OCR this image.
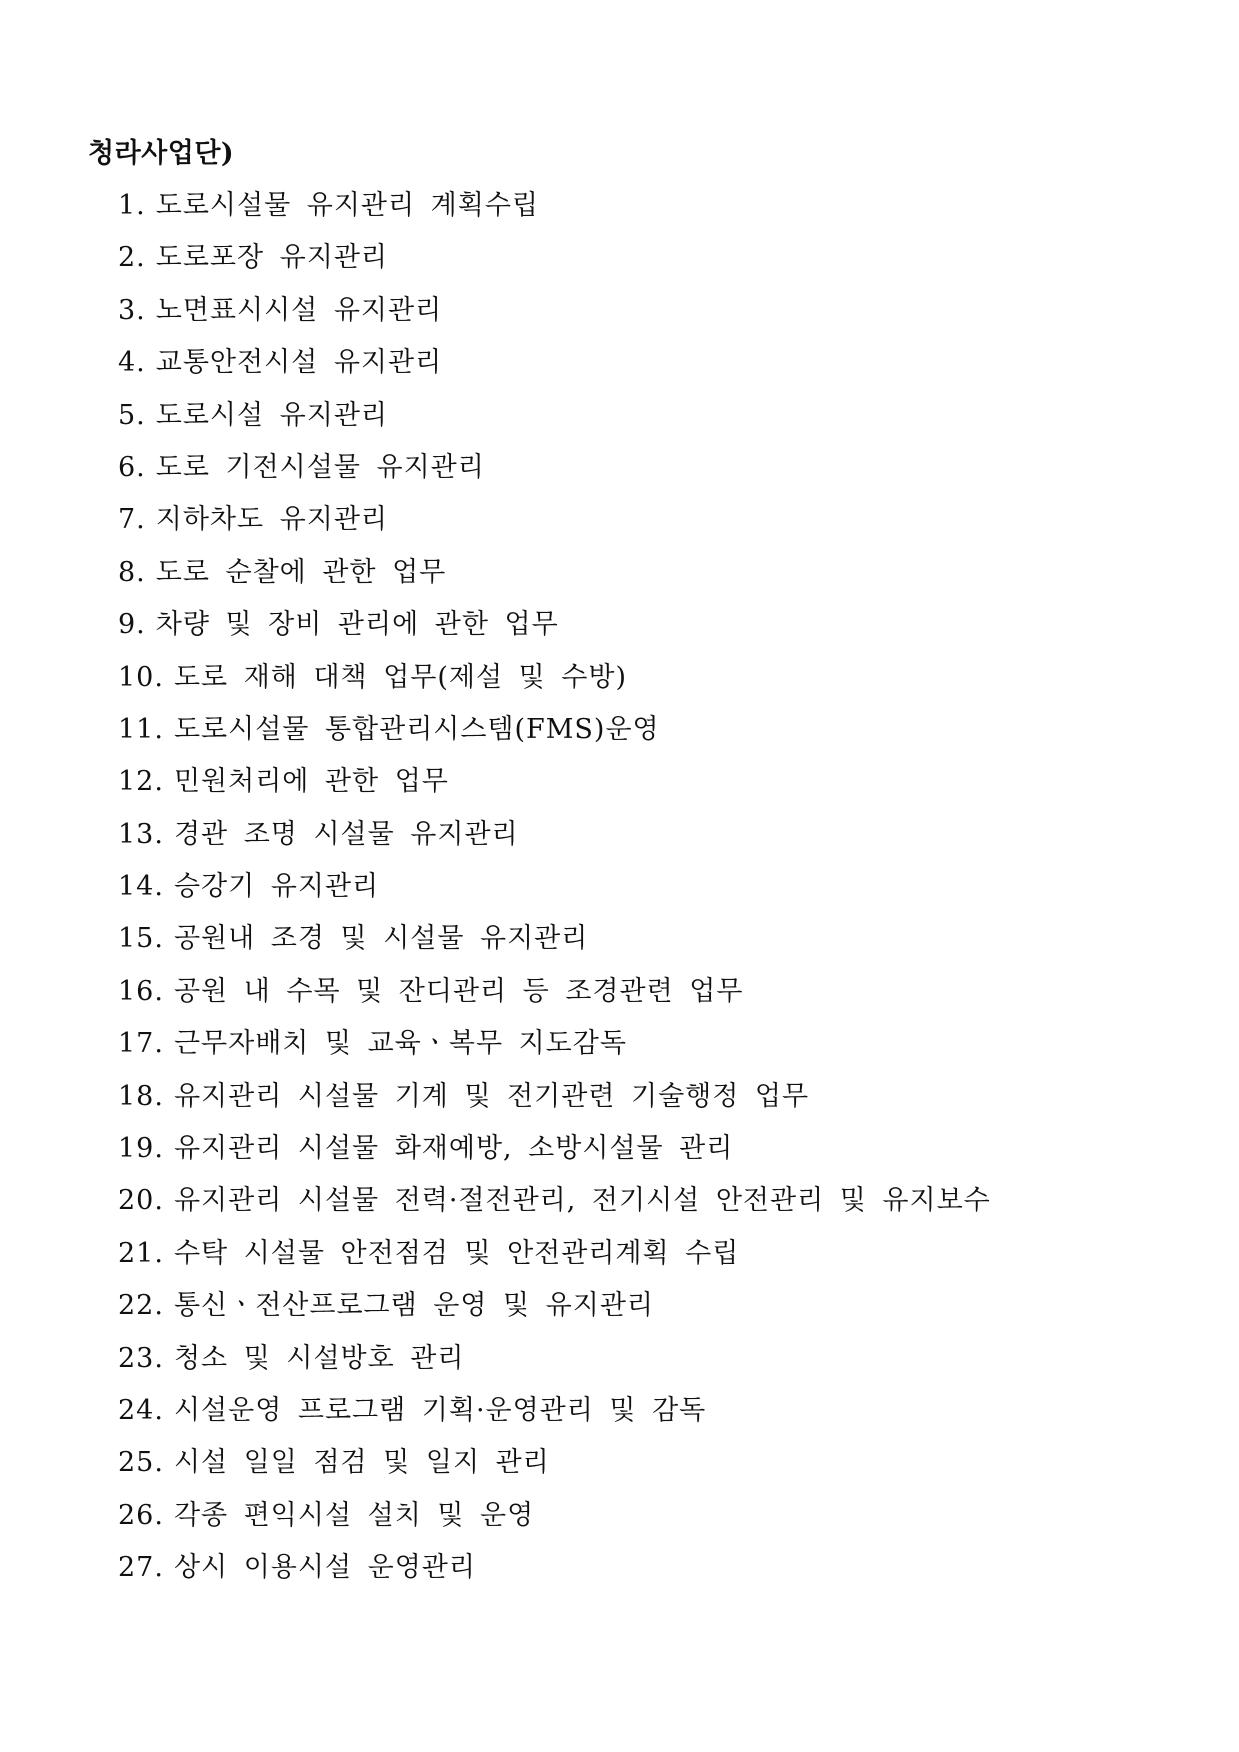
청라사업단)
1. 도로시설물 유지관리 계획수립
2. 도로포장 유지관리
3. 노면표시시설 유지관리
4. 교통안전시설 유지관리
5. 도로시설 유지관리
6. 도로 기전시설물 유지관리
7. 지하차도 유지관리
8. 도로 순찰에 관한 업무
9. 차량 및 장비 관리에 관한 업무
10. 도로 재해 대책 업무(제설 및 수방)
11. 도로시설물 통합관리시스템(FMS)운영
12. 민원처리에 관한 업무
13. 경관 조명 시설물 유지관리
14. 승강기 유지관리
15. 공원내 조경 및 시설물 유지관리
16. 공원 내 수목 및 잔디관리 등 조경관련 업무
17. 근무자배치 및 교육ㆍ복무 지도감독
18. 유지관리 시설물 기계 및 전기관련 기술행정 업무
19. 유지관리 시설물 화재예방, 소방시설물 관리
20. 유지관리 시설물 전력·절전관리, 전기시설 안전관리 및 유지보수
21. 수탁 시설물 안전점검 및 안전관리계획 수립
22. 통신ㆍ전산프로그램 운영 및 유지관리
23. 청소 및 시설방호 관리
24. 시설운영 프로그램 기획·운영관리 및 감독
25. 시설 일일 점검 및 일지 관리
26. 각종 편익시설 설치 및 운영
27. 상시 이용시설 운영관리
